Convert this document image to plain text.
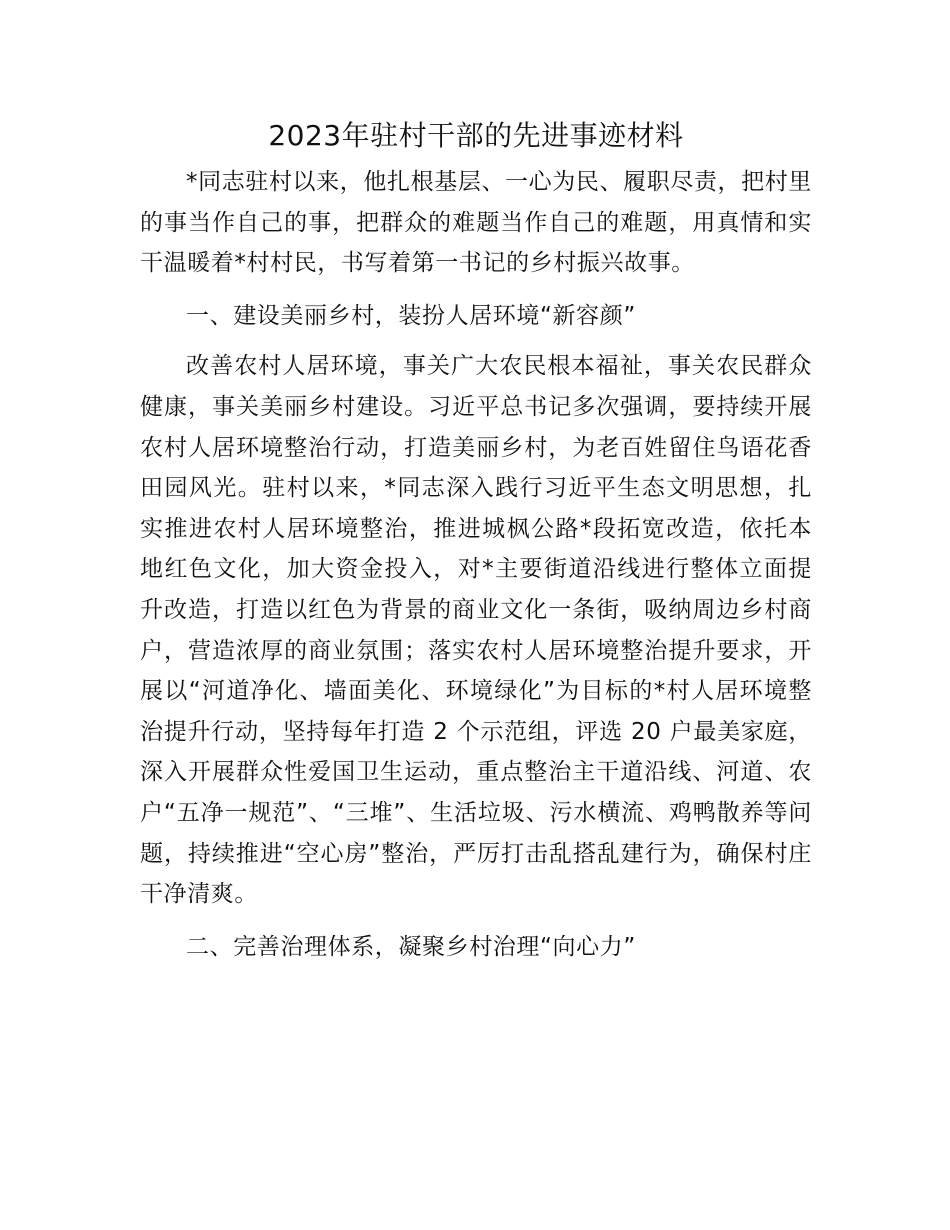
2023年驻村干部的先进事迹材料

*同志驻村以来，他扎根基层、一心为民、履职尽责，把村里的事当作自己的事，把群众的难题当作自己的难题，用真情和实干温暖着*村村民，书写着第一书记的乡村振兴故事。

一、建设美丽乡村，装扮人居环境“新容颜”

改善农村人居环境，事关广大农民根本福祉，事关农民群众健康，事关美丽乡村建设。习近平总书记多次强调，要持续开展农村人居环境整治行动，打造美丽乡村，为老百姓留住鸟语花香田园风光。驻村以来，*同志深入践行习近平生态文明思想，扎实推进农村人居环境整治，推进城枫公路*段拓宽改造，依托本地红色文化，加大资金投入，对*主要街道沿线进行整体立面提升改造，打造以红色为背景的商业文化一条街，吸纳周边乡村商户，营造浓厚的商业氛围；落实农村人居环境整治提升要求，开展以“河道净化、墙面美化、环境绿化”为目标的*村人居环境整治提升行动，坚持每年打造 2 个示范组，评选 20 户最美家庭，深入开展群众性爱国卫生运动，重点整治主干道沿线、河道、农户“五净一规范”、“三堆”、生活垃圾、污水横流、鸡鸭散养等问题，持续推进“空心房”整治，严厉打击乱搭乱建行为，确保村庄干净清爽。

二、完善治理体系，凝聚乡村治理“向心力”
